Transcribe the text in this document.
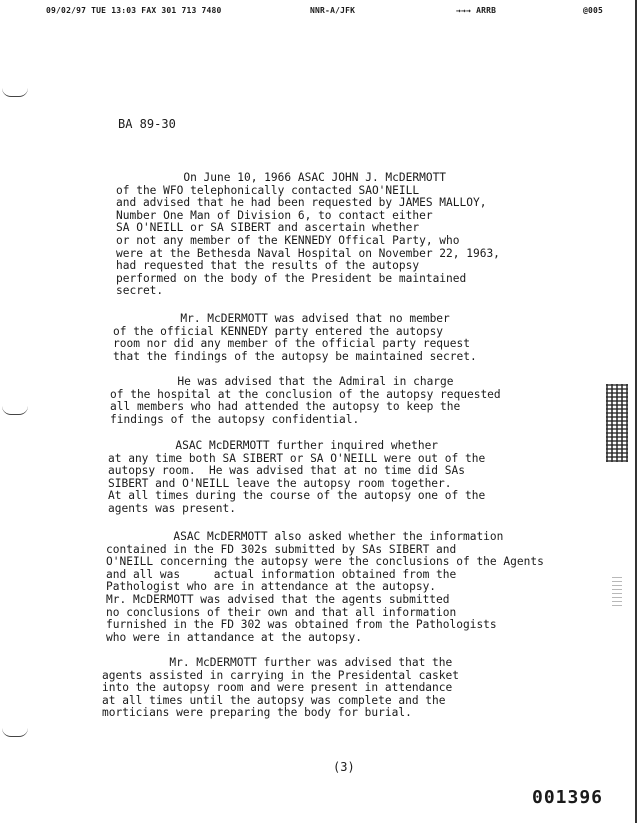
09/02/97 TUE 13:03 FAX 301 713 7480	NNR-A/JFK	→→→ ARRB	@005
BA 89-30
On June 10, 1966 ASAC JOHN J. McDERMOTT
of the WFO telephonically contacted SAO'NEILL
and advised that he had been requested by JAMES MALLOY,
Number One Man of Division 6, to contact either
SA O'NEILL or SA SIBERT and ascertain whether
or not any member of the KENNEDY Offical Party, who
were at the Bethesda Naval Hospital on November 22, 1963,
had requested that the results of the autopsy
performed on the body of the President be maintained
secret.
Mr. McDERMOTT was advised that no member
of the official KENNEDY party entered the autopsy
room nor did any member of the official party request
that the findings of the autopsy be maintained secret.
He was advised that the Admiral in charge
of the hospital at the conclusion of the autopsy requested
all members who had attended the autopsy to keep the
findings of the autopsy confidential.
ASAC McDERMOTT further inquired whether
at any time both SA SIBERT or SA O'NEILL were out of the
autopsy room.  He was advised that at no time did SAs
SIBERT and O'NEILL leave the autopsy room together.
At all times during the course of the autopsy one of the
agents was present.
ASAC McDERMOTT also asked whether the information
contained in the FD 302s submitted by SAs SIBERT and
O'NEILL concerning the autopsy were the conclusions of the Agents
and all was     actual information obtained from the
Pathologist who are in attendance at the autopsy.
Mr. McDERMOTT was advised that the agents submitted
no conclusions of their own and that all information
furnished in the FD 302 was obtained from the Pathologists
who were in attandance at the autopsy.
Mr. McDERMOTT further was advised that the
agents assisted in carrying in the Presidental casket
into the autopsy room and were present in attendance
at all times until the autopsy was complete and the
morticians were preparing the body for burial.
(3)
001396
